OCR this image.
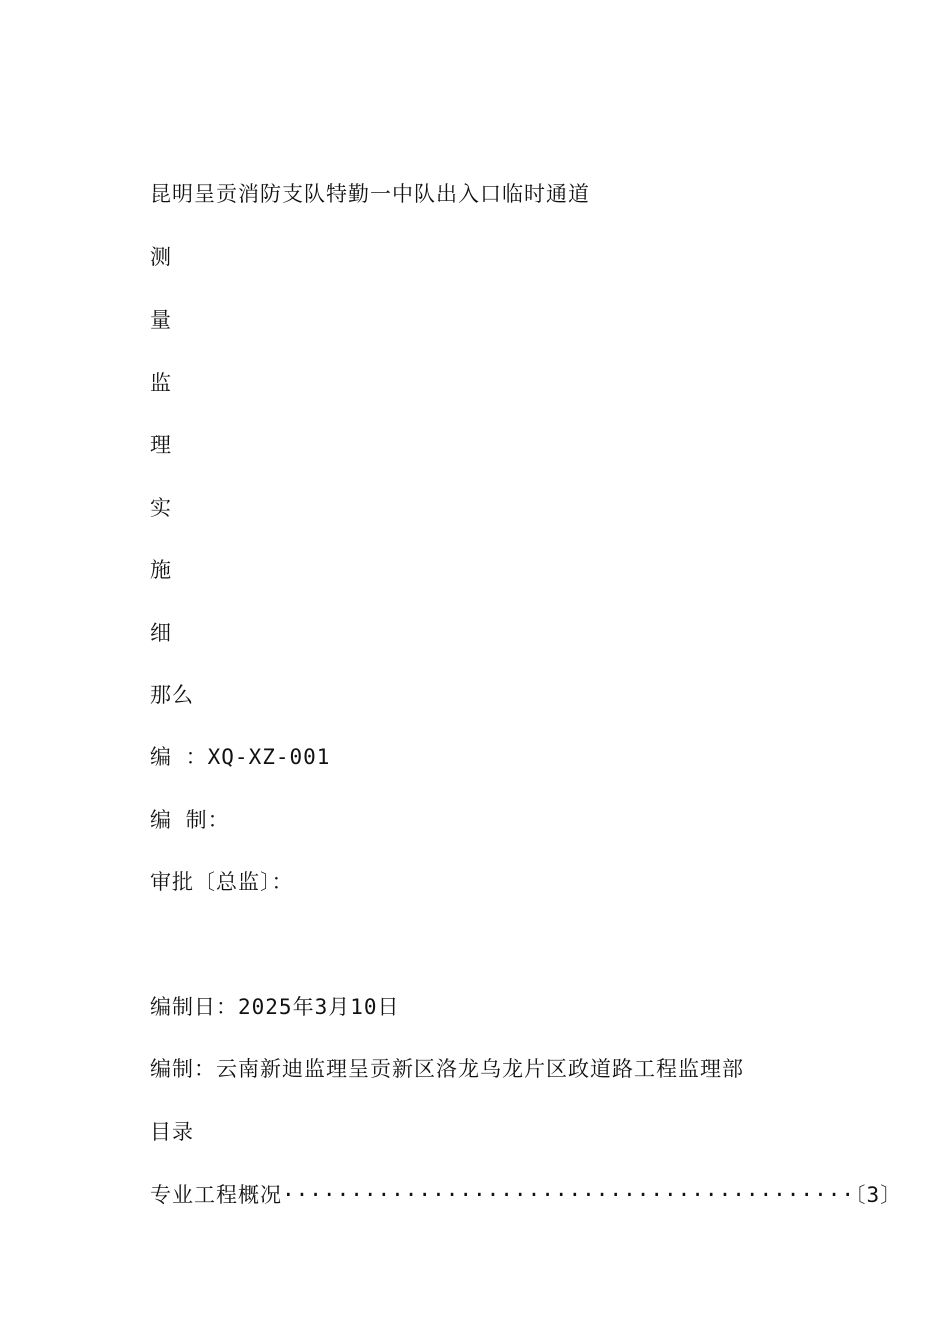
昆明呈贡消防支队特勤一中队出入口临时通道
测
量
监
理
实
施
细
那么
编 ：XQ-XZ-001
编 制：
审批〔总监〕：
编制日：2025年3月10日
编制：云南新迪监理呈贡新区洛龙乌龙片区政道路工程监理部
目录
专业工程概况··········································〔3〕
